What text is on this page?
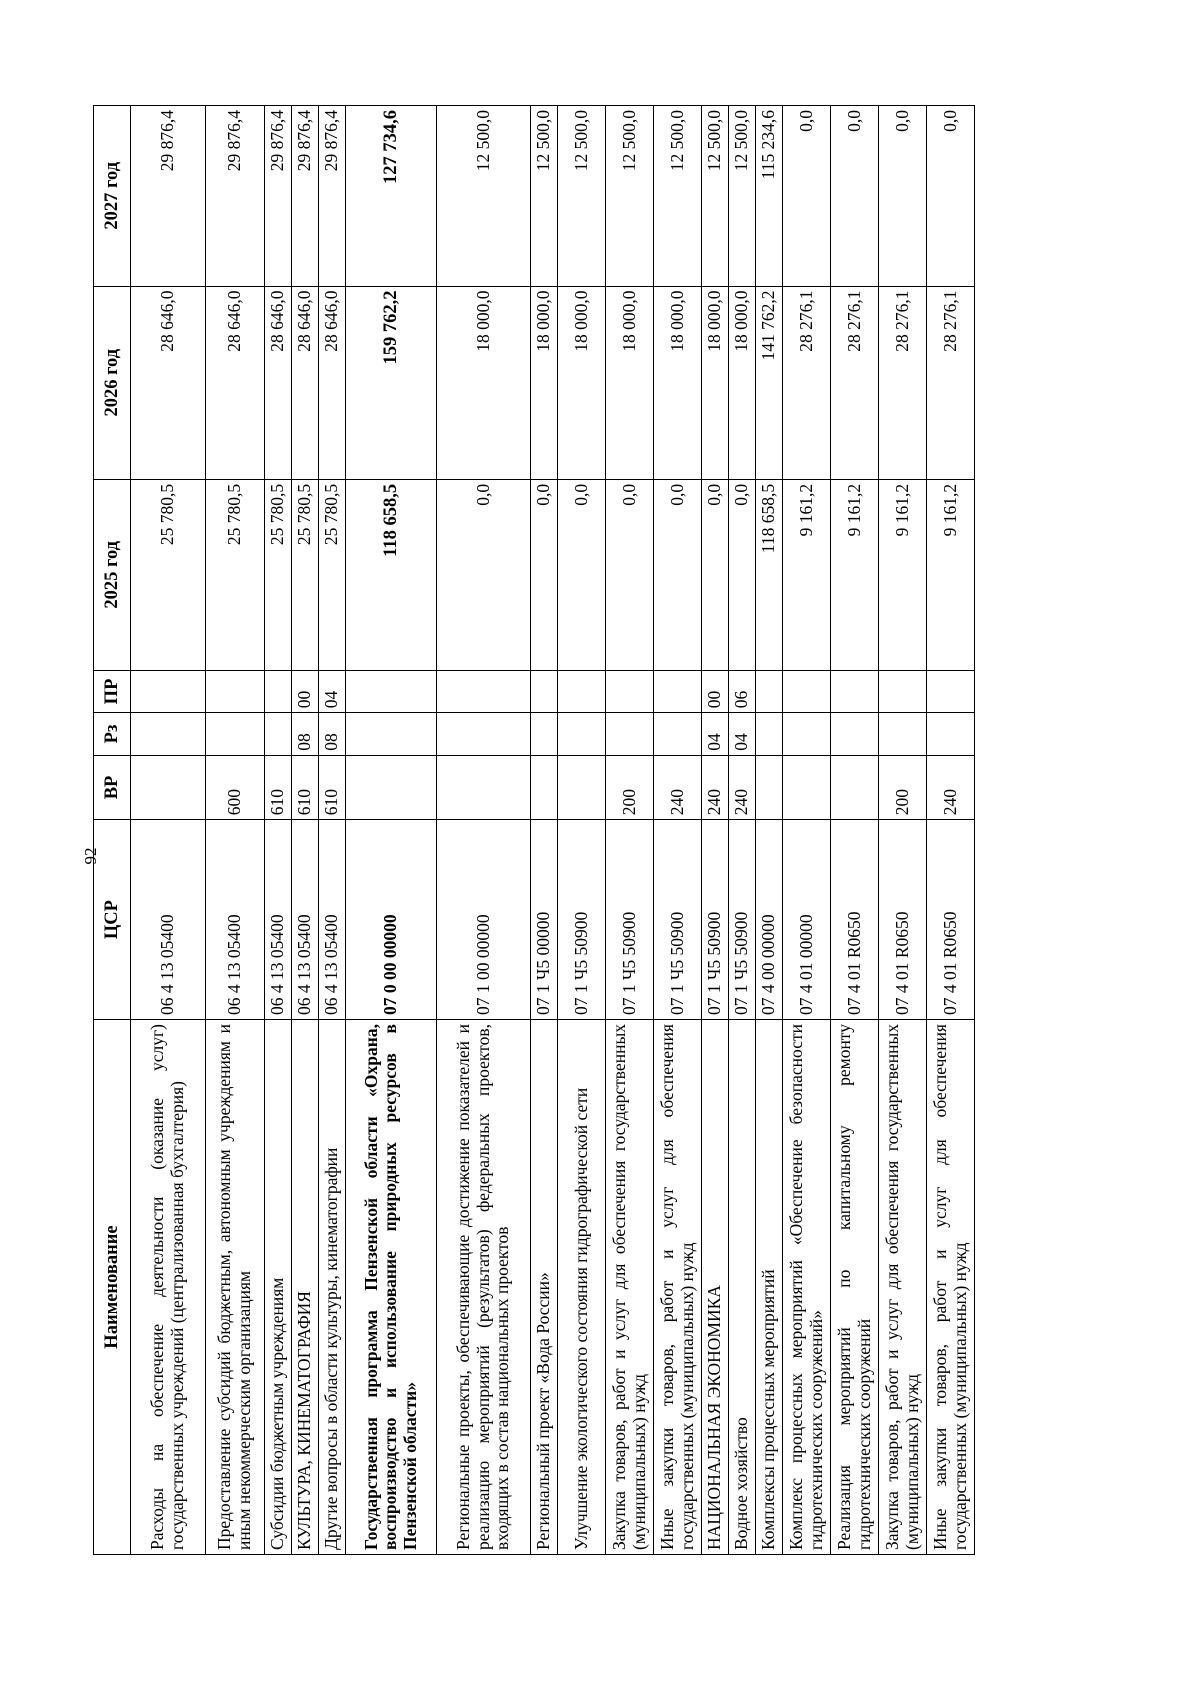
92
Наименование	ЦСР	ВР	Рз	ПР	2025 год	2026 год	2027 год
Расходы на обеспечение деятельности (оказание услуг) государственных учреждений (централизованная бухгалтерия)	06 4 13 05400				25 780,5	28 646,0	29 876,4
Предоставление субсидий бюджетным, автономным учреждениям и иным некоммерческим организациям	06 4 13 05400	600			25 780,5	28 646,0	29 876,4
Субсидии бюджетным учреждениям	06 4 13 05400	610			25 780,5	28 646,0	29 876,4
КУЛЬТУРА, КИНЕМАТОГРАФИЯ	06 4 13 05400	610	08	00	25 780,5	28 646,0	29 876,4
Другие вопросы в области культуры, кинематографии	06 4 13 05400	610	08	04	25 780,5	28 646,0	29 876,4
Государственная программа Пензенской области «Охрана, воспроизводство и использование природных ресурсов в Пензенской области»	07 0 00 00000				118 658,5	159 762,2	127 734,6
Региональные проекты, обеспечивающие достижение показателей и реализацию мероприятий (результатов) федеральных проектов, входящих в состав национальных проектов	07 1 00 00000				0,0	18 000,0	12 500,0
Региональный проект «Вода России»	07 1 Ч5 00000				0,0	18 000,0	12 500,0
Улучшение экологического состояния гидрографической сети	07 1 Ч5 50900				0,0	18 000,0	12 500,0
Закупка товаров, работ и услуг для обеспечения государственных (муниципальных) нужд	07 1 Ч5 50900	200			0,0	18 000,0	12 500,0
Иные закупки товаров, работ и услуг для обеспечения государственных (муниципальных) нужд	07 1 Ч5 50900	240			0,0	18 000,0	12 500,0
НАЦИОНАЛЬНАЯ ЭКОНОМИКА	07 1 Ч5 50900	240	04	00	0,0	18 000,0	12 500,0
Водное хозяйство	07 1 Ч5 50900	240	04	06	0,0	18 000,0	12 500,0
Комплексы процессных мероприятий	07 4 00 00000				118 658,5	141 762,2	115 234,6
Комплекс процессных мероприятий «Обеспечение безопасности гидротехнических сооружений»	07 4 01 00000				9 161,2	28 276,1	0,0
Реализация мероприятий по капитальному ремонту гидротехнических сооружений	07 4 01 R0650				9 161,2	28 276,1	0,0
Закупка товаров, работ и услуг для обеспечения государственных (муниципальных) нужд	07 4 01 R0650	200			9 161,2	28 276,1	0,0
Иные закупки товаров, работ и услуг для обеспечения государственных (муниципальных) нужд	07 4 01 R0650	240			9 161,2	28 276,1	0,0
